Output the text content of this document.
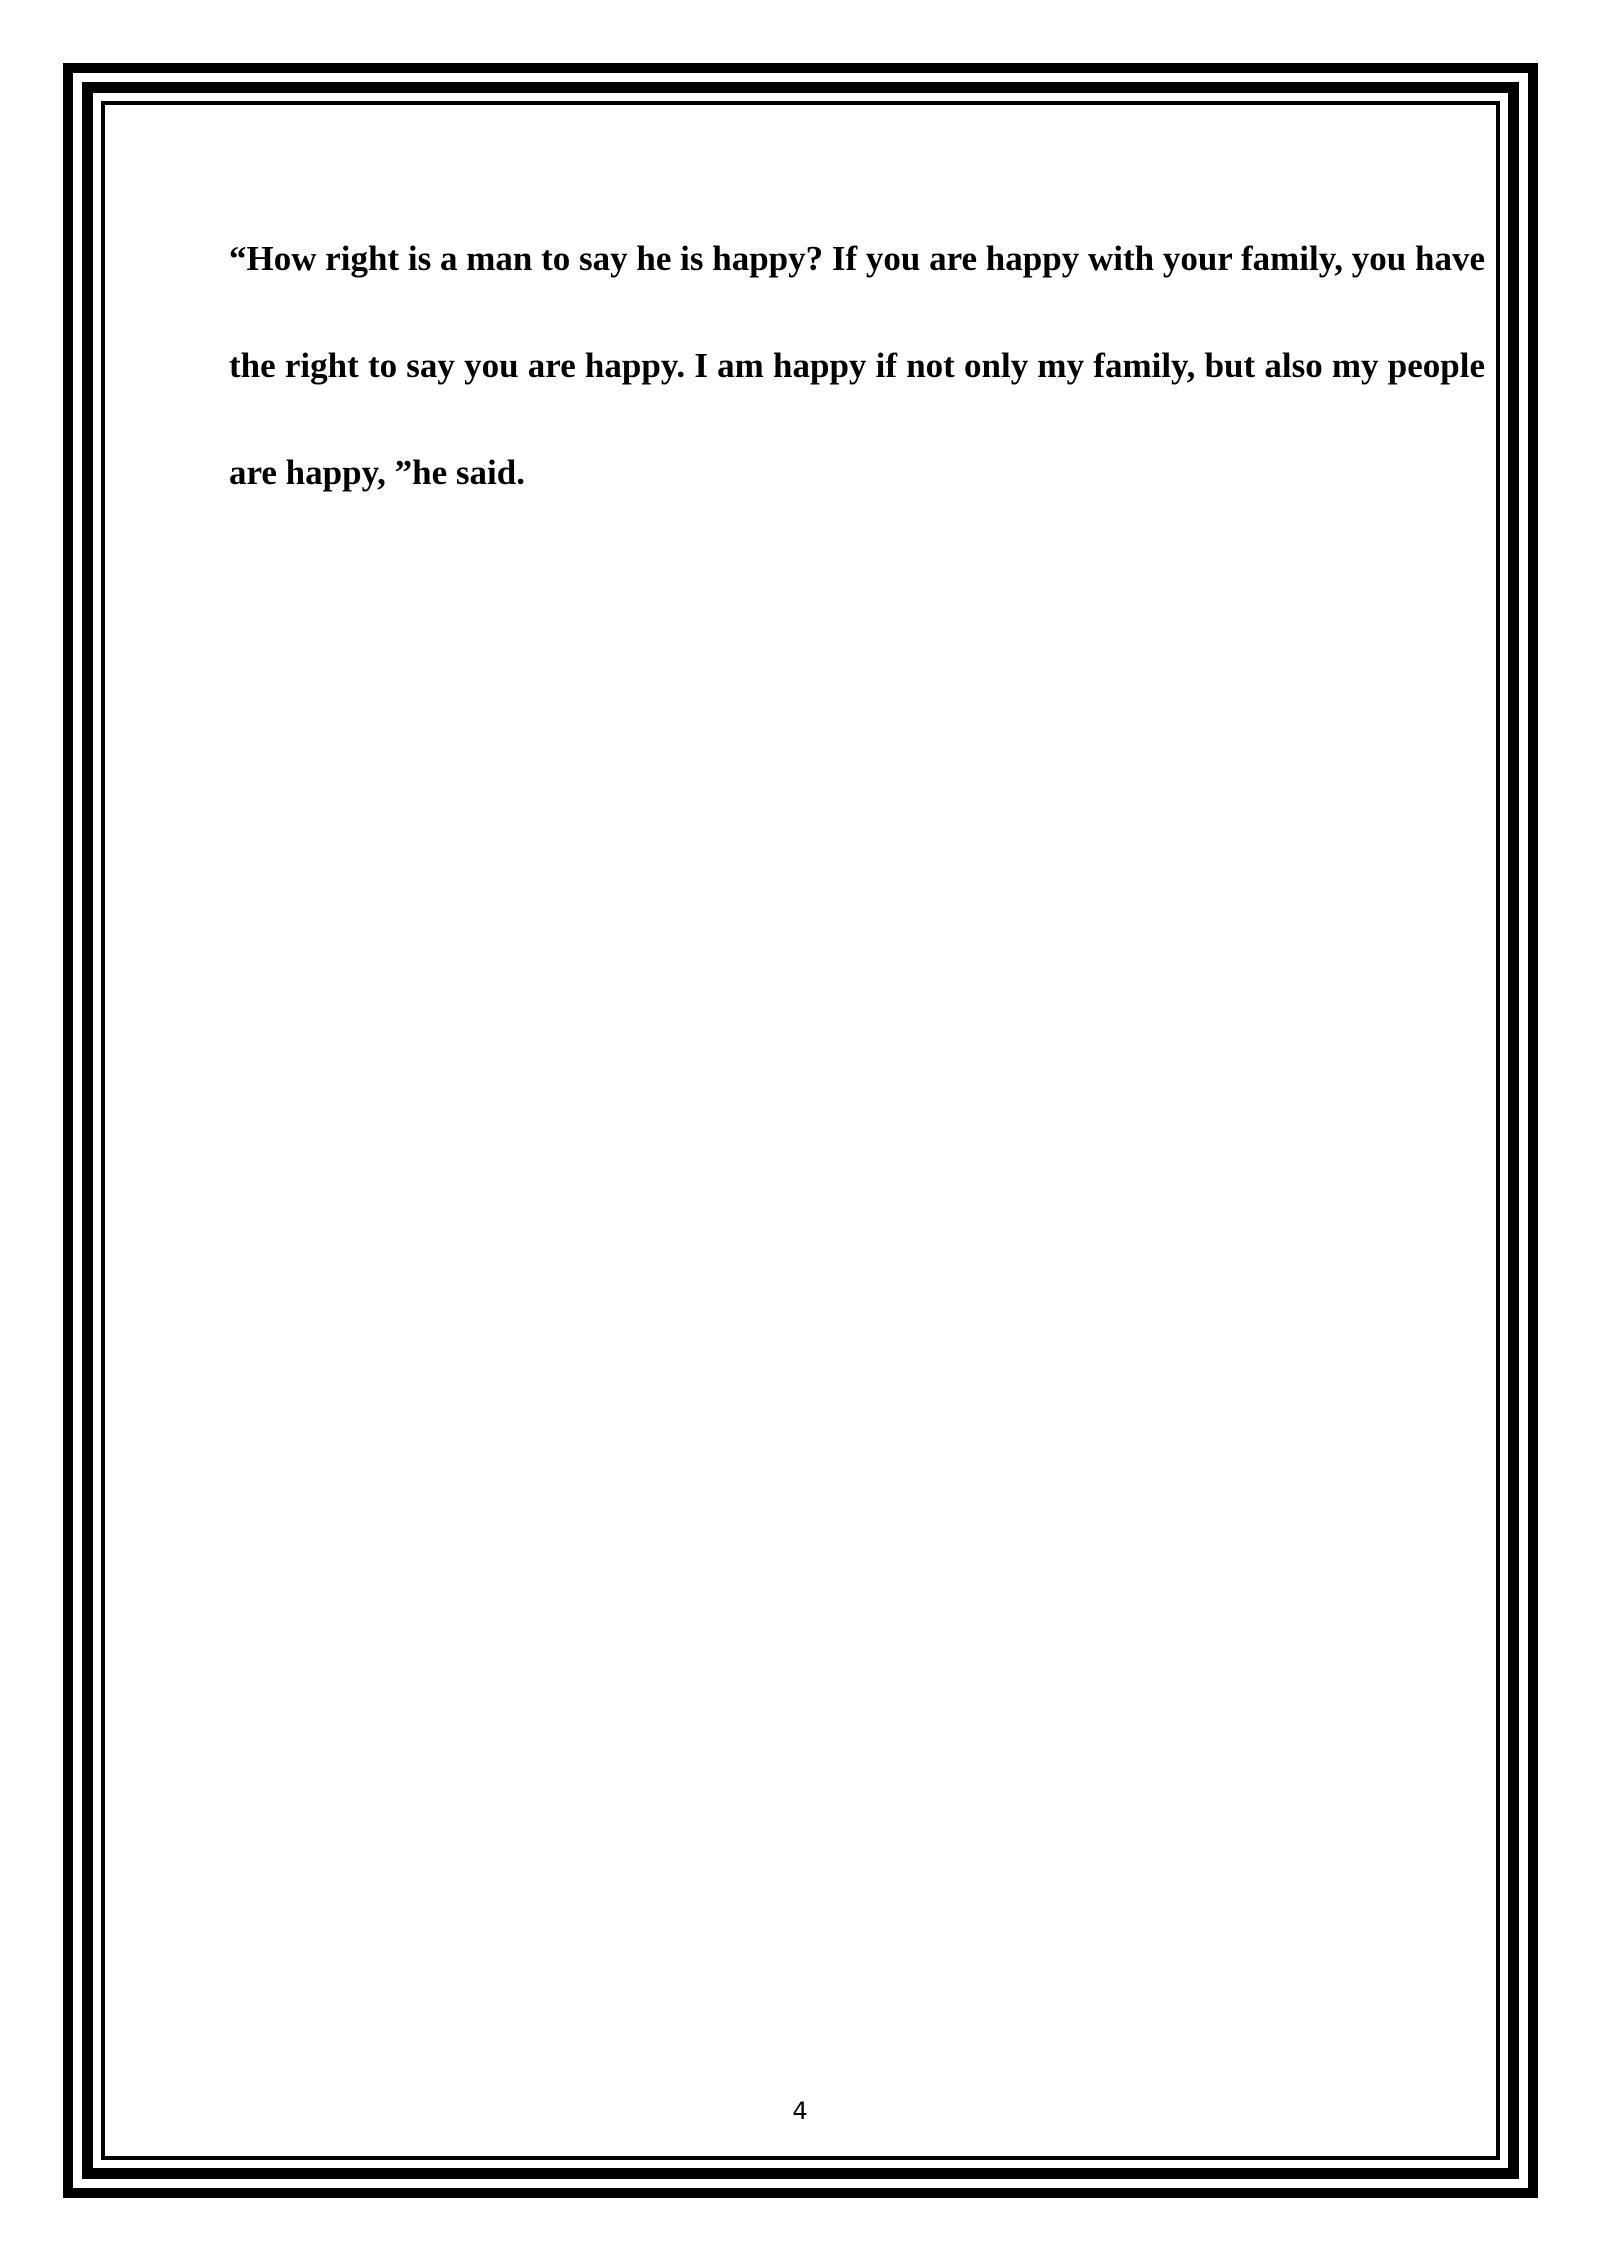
“How right is a man to say he is happy? If you are happy with your family, you have the right to say you are happy. I am happy if not only my family, but also my people are happy, ”he said.

4
